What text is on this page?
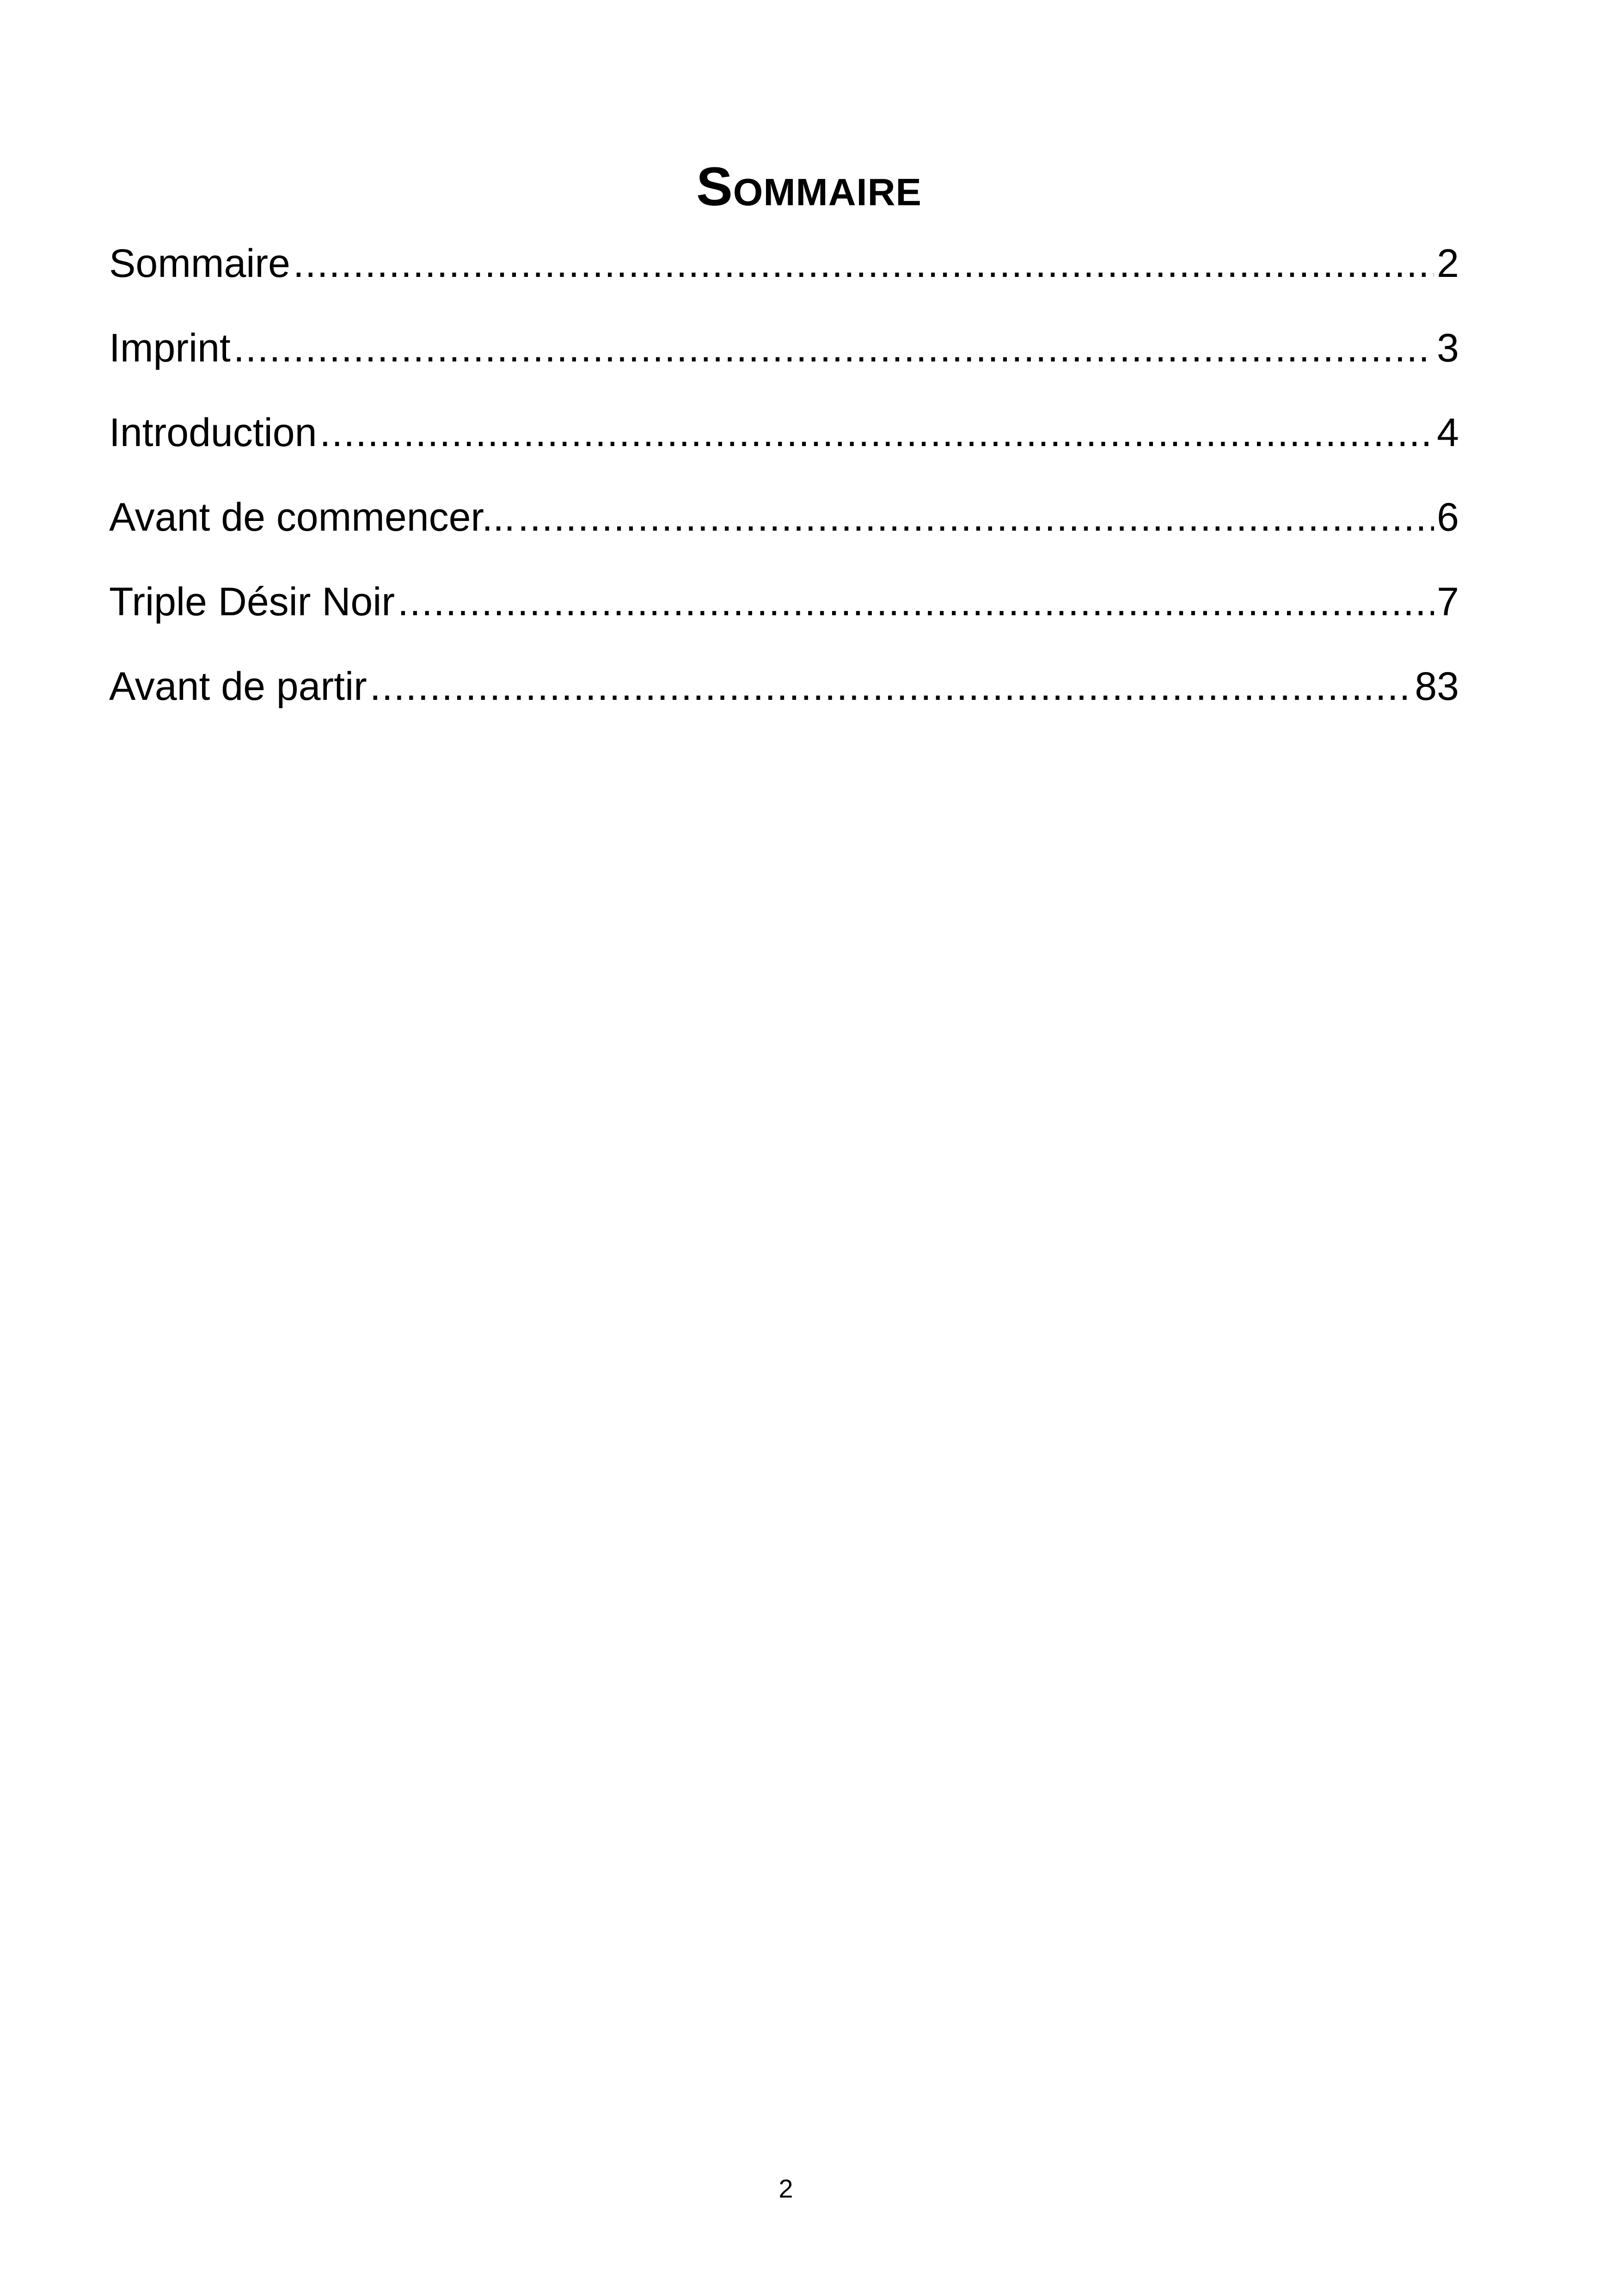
Sommaire
Sommaire .....	2
Imprint .....	3
Introduction .....	4
Avant de commencer... .....	6
Triple Désir Noir .....	7
Avant de partir .....	83
2
